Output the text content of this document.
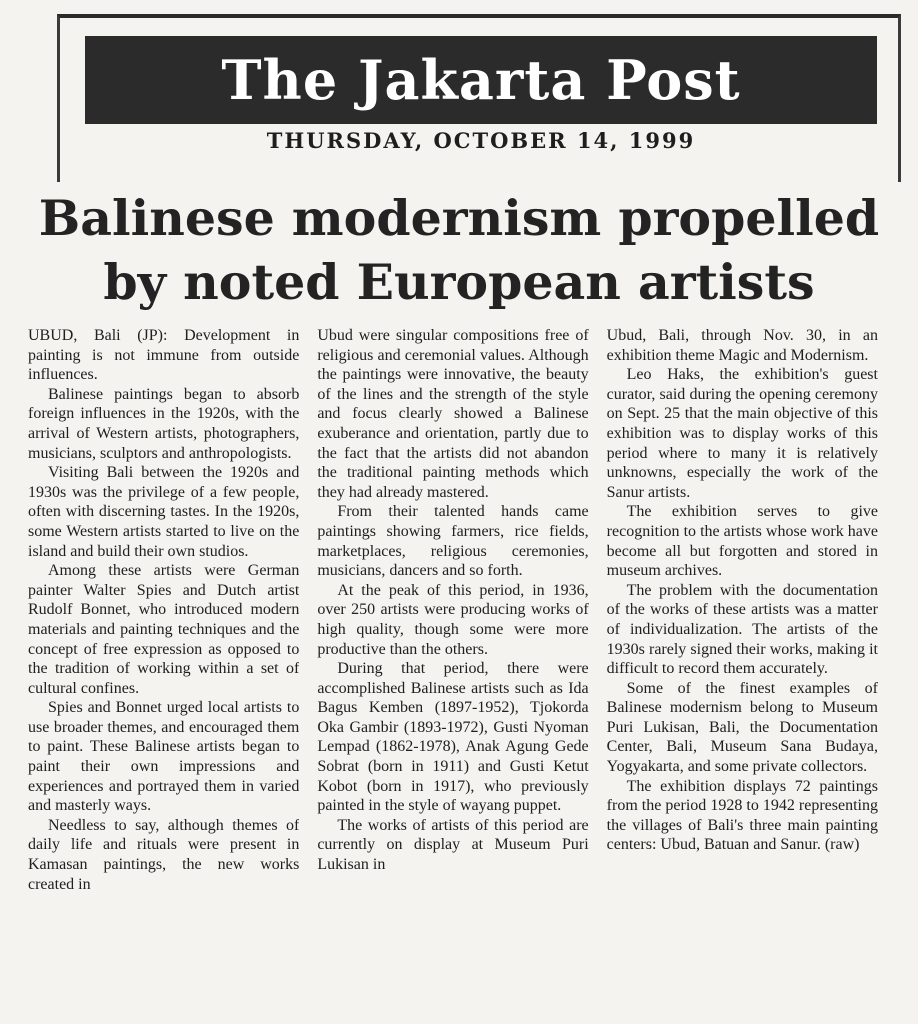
The Jakarta Post
THURSDAY, OCTOBER 14, 1999
Balinese modernism propelled
by noted European artists

UBUD, Bali (JP): Development in painting is not immune from outside influences.

Balinese paintings began to absorb foreign influences in the 1920s, with the arrival of Western artists, photographers, musicians, sculptors and anthropologists.

Visiting Bali between the 1920s and 1930s was the privilege of a few people, often with discerning tastes. In the 1920s, some Western artists started to live on the island and build their own studios.

Among these artists were German painter Walter Spies and Dutch artist Rudolf Bonnet, who introduced modern materials and painting techniques and the concept of free expression as opposed to the tradition of working within a set of cultural confines.

Spies and Bonnet urged local artists to use broader themes, and encouraged them to paint. These Balinese artists began to paint their own impressions and experiences and portrayed them in varied and masterly ways.

Needless to say, although themes of daily life and rituals were present in Kamasan paintings, the new works created in

Ubud were singular compositions free of religious and ceremonial values. Although the paintings were innovative, the beauty of the lines and the strength of the style and focus clearly showed a Balinese exuberance and orientation, partly due to the fact that the artists did not abandon the traditional painting methods which they had already mastered.

From their talented hands came paintings showing farmers, rice fields, marketplaces, religious ceremonies, musicians, dancers and so forth.

At the peak of this period, in 1936, over 250 artists were producing works of high quality, though some were more productive than the others.

During that period, there were accomplished Balinese artists such as Ida Bagus Kemben (1897-1952), Tjokorda Oka Gambir (1893-1972), Gusti Nyoman Lempad (1862-1978), Anak Agung Gede Sobrat (born in 1911) and Gusti Ketut Kobot (born in 1917), who previously painted in the style of wayang puppet.

The works of artists of this period are currently on display at Museum Puri Lukisan in

Ubud, Bali, through Nov. 30, in an exhibition theme Magic and Modernism.

Leo Haks, the exhibition's guest curator, said during the opening ceremony on Sept. 25 that the main objective of this exhibition was to display works of this period where to many it is relatively unknowns, especially the work of the Sanur artists.

The exhibition serves to give recognition to the artists whose work have become all but forgotten and stored in museum archives.

The problem with the documentation of the works of these artists was a matter of individualization. The artists of the 1930s rarely signed their works, making it difficult to record them accurately.

Some of the finest examples of Balinese modernism belong to Museum Puri Lukisan, Bali, the Documentation Center, Bali, Museum Sana Budaya, Yogyakarta, and some private collectors.

The exhibition displays 72 paintings from the period 1928 to 1942 representing the villages of Bali's three main painting centers: Ubud, Batuan and Sanur. (raw)
